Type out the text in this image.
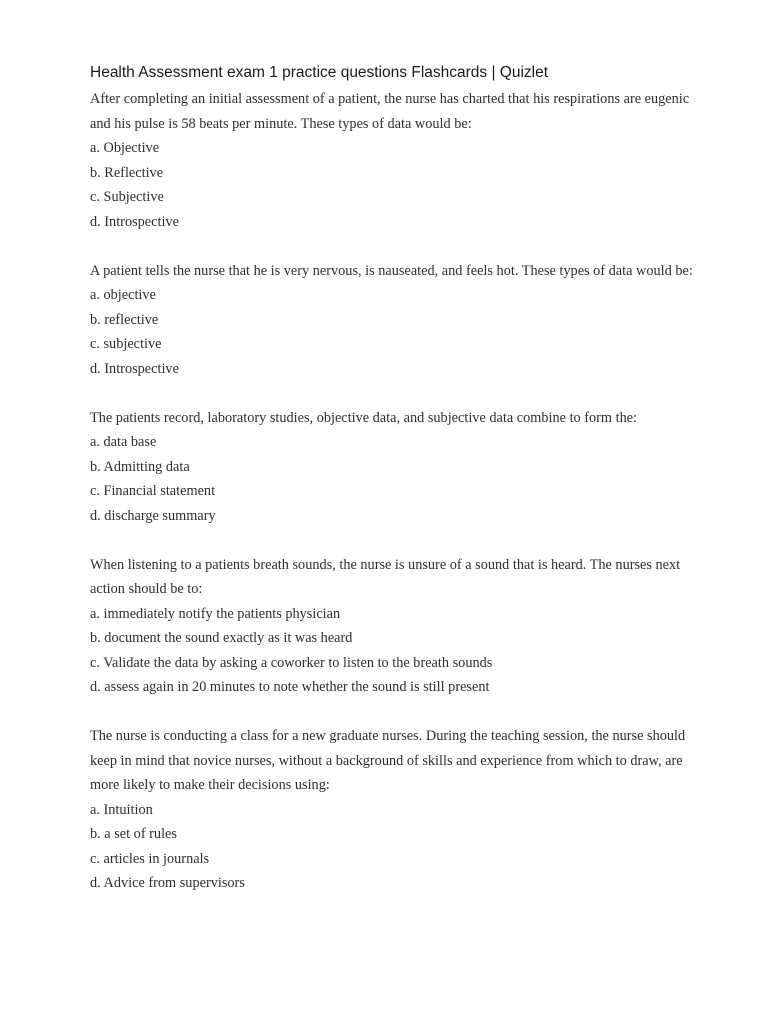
Health Assessment exam 1 practice questions Flashcards | Quizlet

After completing an initial assessment of a patient, the nurse has charted that his respirations are eugenic

and his pulse is 58 beats per minute. These types of data would be:

a. Objective

b. Reflective

c. Subjective

d. Introspective

A patient tells the nurse that he is very nervous, is nauseated, and feels hot. These types of data would be:

a. objective

b. reflective

c. subjective

d. Introspective

The patients record, laboratory studies, objective data, and subjective data combine to form the:

a. data base

b. Admitting data

c. Financial statement

d. discharge summary

When listening to a patients breath sounds, the nurse is unsure of a sound that is heard. The nurses next

action should be to:

a. immediately notify the patients physician

b. document the sound exactly as it was heard

c. Validate the data by asking a coworker to listen to the breath sounds

d. assess again in 20 minutes to note whether the sound is still present

The nurse is conducting a class for a new graduate nurses. During the teaching session, the nurse should

keep in mind that novice nurses, without a background of skills and experience from which to draw, are

more likely to make their decisions using:

a. Intuition

b. a set of rules

c. articles in journals

d. Advice from supervisors
